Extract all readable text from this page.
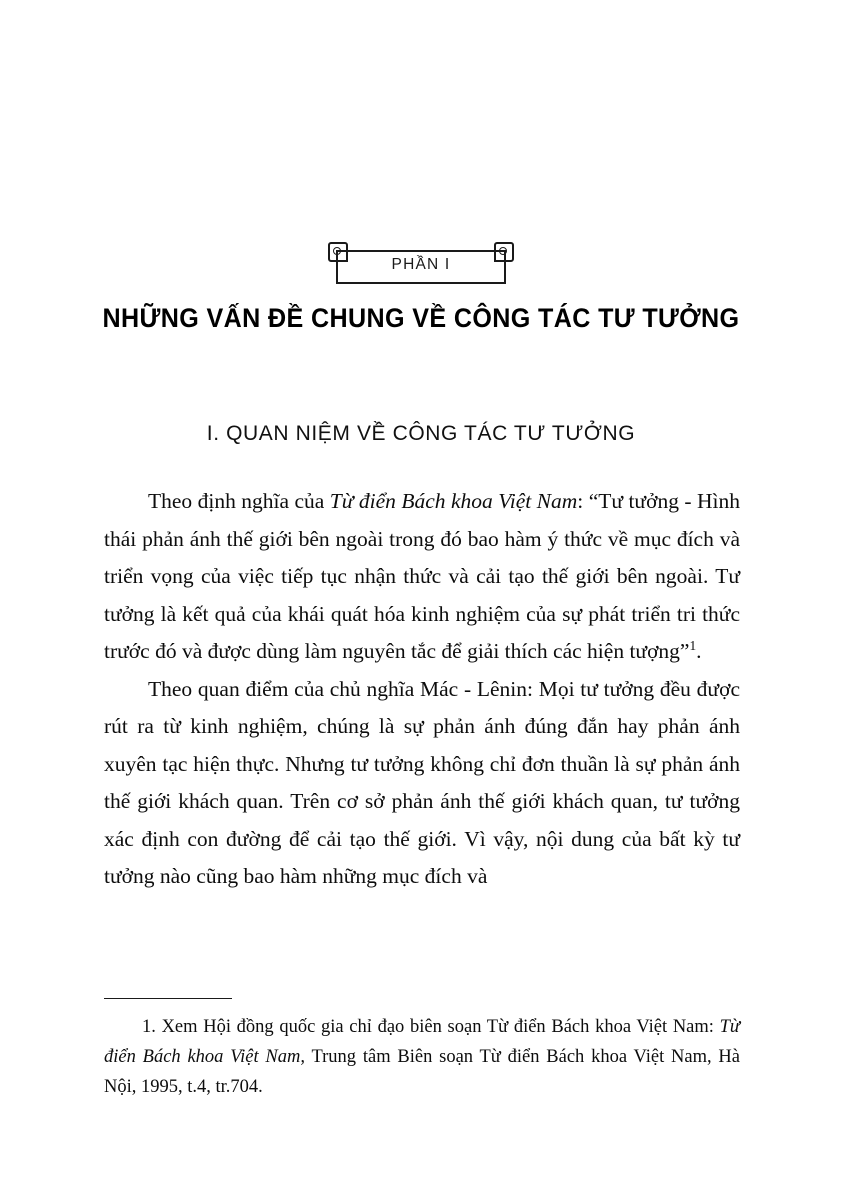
PHẦN I
NHỮNG VẤN ĐỀ CHUNG VỀ CÔNG TÁC TƯ TƯỞNG
I. QUAN NIỆM VỀ CÔNG TÁC TƯ TƯỞNG

Theo định nghĩa của Từ điển Bách khoa Việt Nam: “Tư tưởng - Hình thái phản ánh thế giới bên ngoài trong đó bao hàm ý thức về mục đích và triển vọng của việc tiếp tục nhận thức và cải tạo thế giới bên ngoài. Tư tưởng là kết quả của khái quát hóa kinh nghiệm của sự phát triển tri thức trước đó và được dùng làm nguyên tắc để giải thích các hiện tượng”$^1$.

Theo quan điểm của chủ nghĩa Mác - Lênin: Mọi tư tưởng đều được rút ra từ kinh nghiệm, chúng là sự phản ánh đúng đắn hay phản ánh xuyên tạc hiện thực. Nhưng tư tưởng không chỉ đơn thuần là sự phản ánh thế giới khách quan. Trên cơ sở phản ánh thế giới khách quan, tư tưởng xác định con đường để cải tạo thế giới. Vì vậy, nội dung của bất kỳ tư tưởng nào cũng bao hàm những mục đích và

1. Xem Hội đồng quốc gia chỉ đạo biên soạn Từ điển Bách khoa Việt Nam: Từ điển Bách khoa Việt Nam, Trung tâm Biên soạn Từ điển Bách khoa Việt Nam, Hà Nội, 1995, t.4, tr.704.
